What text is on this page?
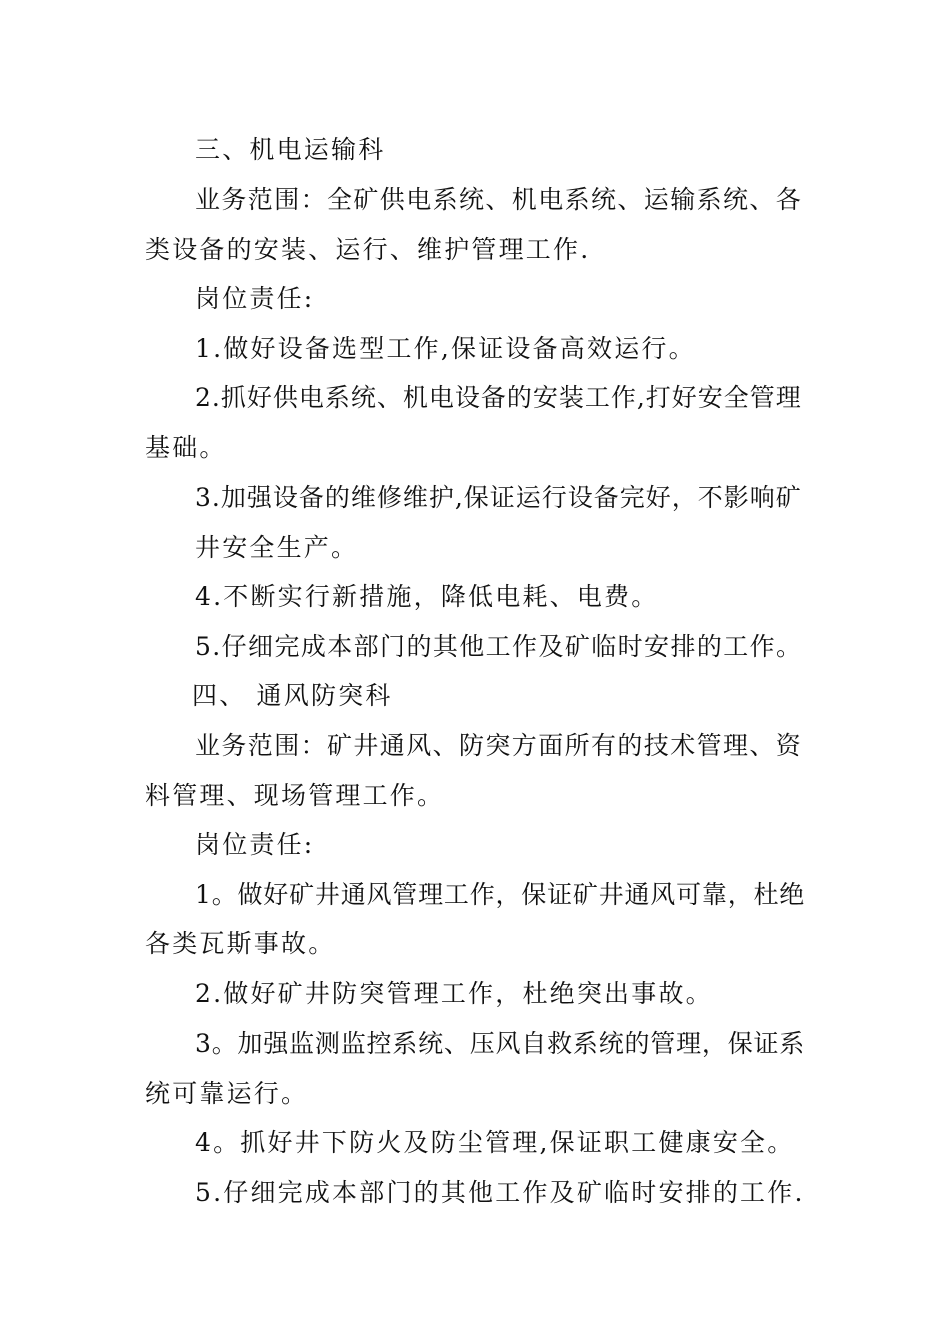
三、机电运输科
业务范围：全矿供电系统、机电系统、运输系统、各
类设备的安装、运行、维护管理工作.
岗位责任:
1.做好设备选型工作,保证设备高效运行。
2.抓好供电系统、机电设备的安装工作,打好安全管理
基础。
3.加强设备的维修维护,保证运行设备完好，不影响矿
井安全生产。
4.不断实行新措施，降低电耗、电费。
5.仔细完成本部门的其他工作及矿临时安排的工作。
四、 通风防突科
业务范围：矿井通风、防突方面所有的技术管理、资
料管理、现场管理工作。
岗位责任:
1。做好矿井通风管理工作，保证矿井通风可靠，杜绝
各类瓦斯事故。
2.做好矿井防突管理工作，杜绝突出事故。
3。加强监测监控系统、压风自救系统的管理，保证系
统可靠运行。
4。抓好井下防火及防尘管理,保证职工健康安全。
5.仔细完成本部门的其他工作及矿临时安排的工作.
